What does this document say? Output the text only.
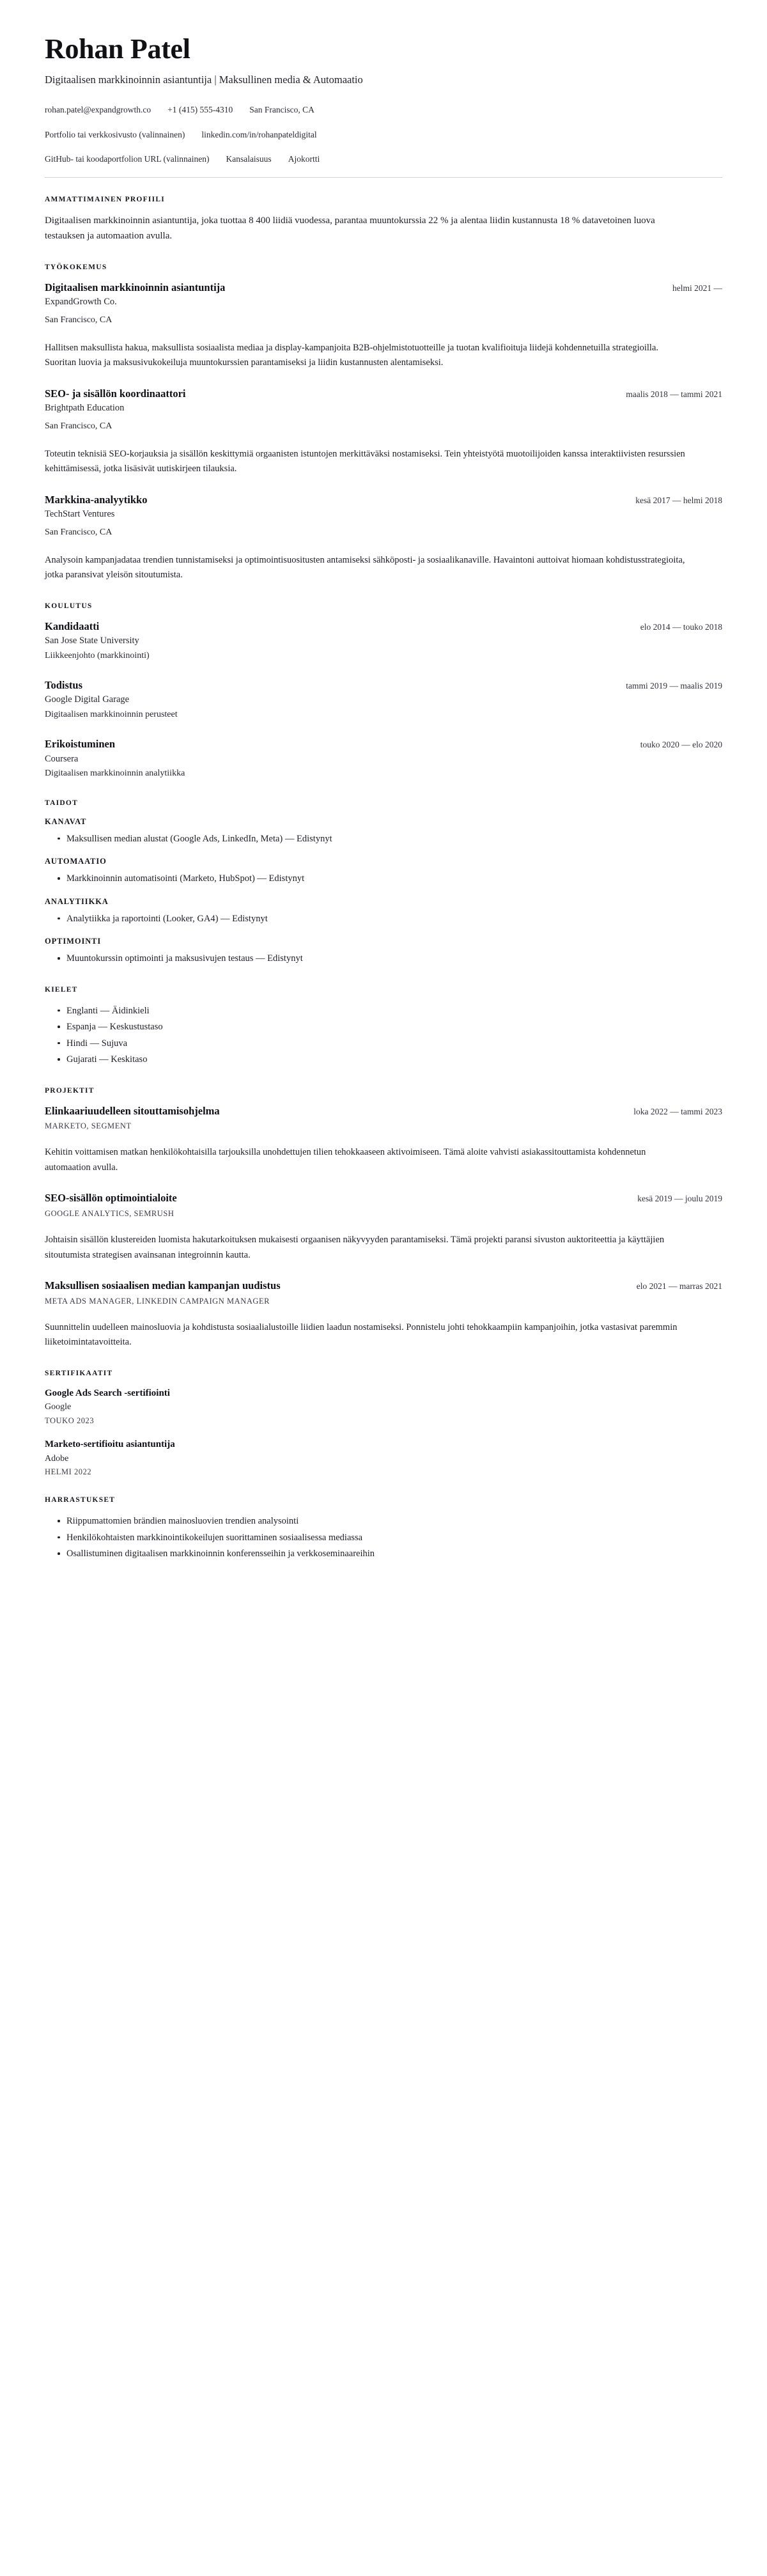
Rohan Patel
Digitaalisen markkinoinnin asiantuntija | Maksullinen media & Automaatio
rohan.patel@expandgrowth.co +1 (415) 555-4310 San Francisco, CA
Portfolio tai verkkosivusto (valinnainen) linkedin.com/in/rohanpateldigital
GitHub- tai koodaportfolion URL (valinnainen) Kansalaisuus Ajokortti
AMMATTIMAINEN PROFIILI

Digitaalisen markkinoinnin asiantuntija, joka tuottaa 8 400 liidiä vuodessa, parantaa muuntokurssia 22 % ja alentaa liidin kustannusta 18 % datavetoinen luova testauksen ja automaation avulla.

TYÖKOKEMUS
Digitaalisen markkinoinnin asiantuntija	helmi 2021 —
ExpandGrowth Co.
San Francisco, CA
Hallitsen maksullista hakua, maksullista sosiaalista mediaa ja display-kampanjoita B2B-ohjelmistotuotteille ja tuotan kvalifioituja liidejä kohdennetuilla strategioilla. Suoritan luovia ja maksusivukokeiluja muuntokurssien parantamiseksi ja liidin kustannusten alentamiseksi.
SEO- ja sisällön koordinaattori	maalis 2018 — tammi 2021
Brightpath Education
San Francisco, CA
Toteutin teknisiä SEO-korjauksia ja sisällön keskittymiä orgaanisten istuntojen merkittäväksi nostamiseksi. Tein yhteistyötä muotoilijoiden kanssa interaktiivisten resurssien kehittämisessä, jotka lisäsivät uutiskirjeen tilauksia.
Markkina-analyytikko	kesä 2017 — helmi 2018
TechStart Ventures
San Francisco, CA
Analysoin kampanjadataa trendien tunnistamiseksi ja optimointisuositusten antamiseksi sähköposti- ja sosiaalikanaville. Havaintoni auttoivat hiomaan kohdistusstrategioita, jotka paransivat yleisön sitoutumista.
KOULUTUS
Kandidaatti	elo 2014 — touko 2018
San Jose State University
Liikkeenjohto (markkinointi)
Todistus	tammi 2019 — maalis 2019
Google Digital Garage
Digitaalisen markkinoinnin perusteet
Erikoistuminen	touko 2020 — elo 2020
Coursera
Digitaalisen markkinoinnin analytiikka
TAIDOT
KANAVAT
Maksullisen median alustat (Google Ads, LinkedIn, Meta) — Edistynyt
AUTOMAATIO
Markkinoinnin automatisointi (Marketo, HubSpot) — Edistynyt
ANALYTIIKKA
Analytiikka ja raportointi (Looker, GA4) — Edistynyt
OPTIMOINTI
Muuntokurssin optimointi ja maksusivujen testaus — Edistynyt
KIELET
Englanti — Äidinkieli
Espanja — Keskustustaso
Hindi — Sujuva
Gujarati — Keskitaso
PROJEKTIT
Elinkaariuudelleen sitouttamisohjelma	loka 2022 — tammi 2023
MARKETO, SEGMENT
Kehitin voittamisen matkan henkilökohtaisilla tarjouksilla unohdettujen tilien tehokkaaseen aktivoimiseen. Tämä aloite vahvisti asiakassitouttamista kohdennetun automaation avulla.
SEO-sisällön optimointialoite	kesä 2019 — joulu 2019
GOOGLE ANALYTICS, SEMRUSH
Johtaisin sisällön klustereiden luomista hakutarkoituksen mukaisesti orgaanisen näkyvyyden parantamiseksi. Tämä projekti paransi sivuston auktoriteettia ja käyttäjien sitoutumista strategisen avainsanan integroinnin kautta.
Maksullisen sosiaalisen median kampanjan uudistus	elo 2021 — marras 2021
META ADS MANAGER, LINKEDIN CAMPAIGN MANAGER
Suunnittelin uudelleen mainosluovia ja kohdistusta sosiaalialustoille liidien laadun nostamiseksi. Ponnistelu johti tehokkaampiin kampanjoihin, jotka vastasivat paremmin liiketoimintatavoitteita.
SERTIFIKAATIT
Google Ads Search -sertifiointi
Google
TOUKO 2023
Marketo-sertifioitu asiantuntija
Adobe
HELMI 2022
HARRASTUKSET
Riippumattomien brändien mainosluovien trendien analysointi
Henkilökohtaisten markkinointikokeilujen suorittaminen sosiaalisessa mediassa
Osallistuminen digitaalisen markkinoinnin konferensseihin ja verkkoseminaareihin
